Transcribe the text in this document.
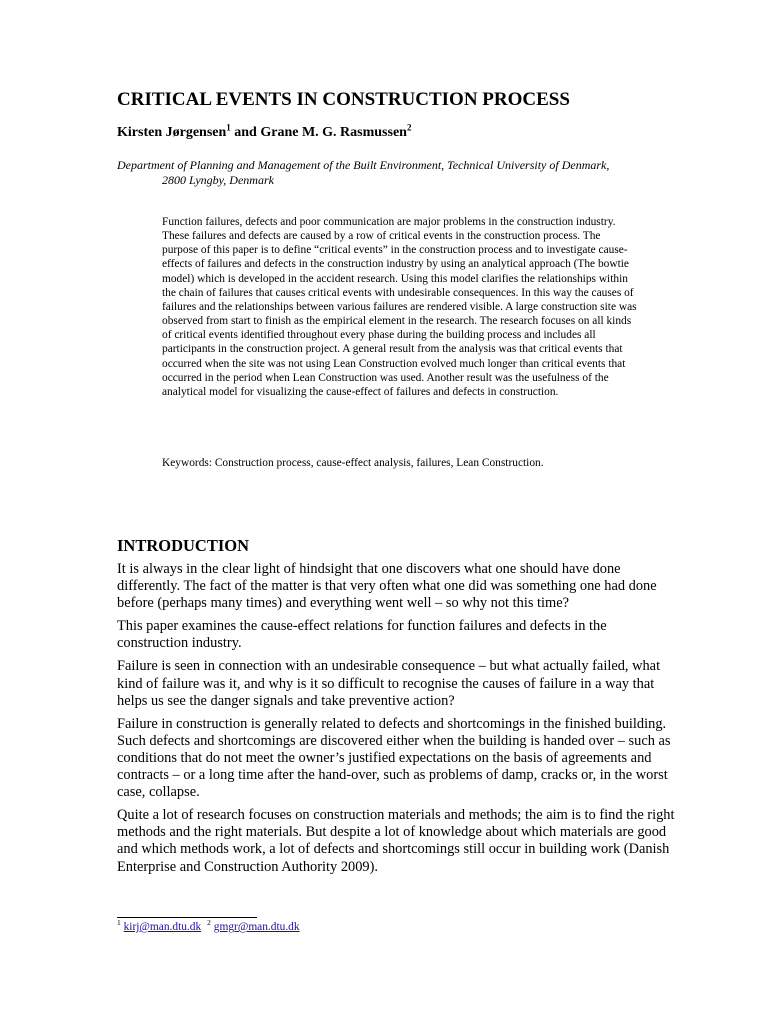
CRITICAL EVENTS IN CONSTRUCTION PROCESS

Kirsten Jørgensen$^1$ and Grane M. G. Rasmussen$^2$

Department of Planning and Management of the Built Environment, Technical University of Denmark,
2800 Lyngby, Denmark

Function failures, defects and poor communication are major problems in the construction industry. These failures and defects are caused by a row of critical events in the construction process. The purpose of this paper is to define “critical events” in the construction process and to investigate cause-effects of failures and defects in the construction industry by using an analytical approach (The bowtie model) which is developed in the accident research. Using this model clarifies the relationships within the chain of failures that causes critical events with undesirable consequences. In this way the causes of failures and the relationships between various failures are rendered visible. A large construction site was observed from start to finish as the empirical element in the research. The research focuses on all kinds of critical events identified throughout every phase during the building process and includes all participants in the construction project. A general result from the analysis was that critical events that occurred when the site was not using Lean Construction evolved much longer than critical events that occurred in the period when Lean Construction was used. Another result was the usefulness of the analytical model for visualizing the cause-effect of failures and defects in construction.

Keywords: Construction process, cause-effect analysis, failures, Lean Construction.

INTRODUCTION

It is always in the clear light of hindsight that one discovers what one should have done differently. The fact of the matter is that very often what one did was something one had done before (perhaps many times) and everything went well – so why not this time?

This paper examines the cause-effect relations for function failures and defects in the construction industry.

Failure is seen in connection with an undesirable consequence – but what actually failed, what kind of failure was it, and why is it so difficult to recognise the causes of failure in a way that helps us see the danger signals and take preventive action?

Failure in construction is generally related to defects and shortcomings in the finished building. Such defects and shortcomings are discovered either when the building is handed over – such as conditions that do not meet the owner’s justified expectations on the basis of agreements and contracts – or a long time after the hand-over, such as problems of damp, cracks or, in the worst case, collapse.

Quite a lot of research focuses on construction materials and methods; the aim is to find the right methods and the right materials. But despite a lot of knowledge about which materials are good and which methods work, a lot of defects and shortcomings still occur in building work (Danish Enterprise and Construction Authority 2009).

$^1$ kirj@man.dtu.dk $^2$ gmgr@man.dtu.dk
